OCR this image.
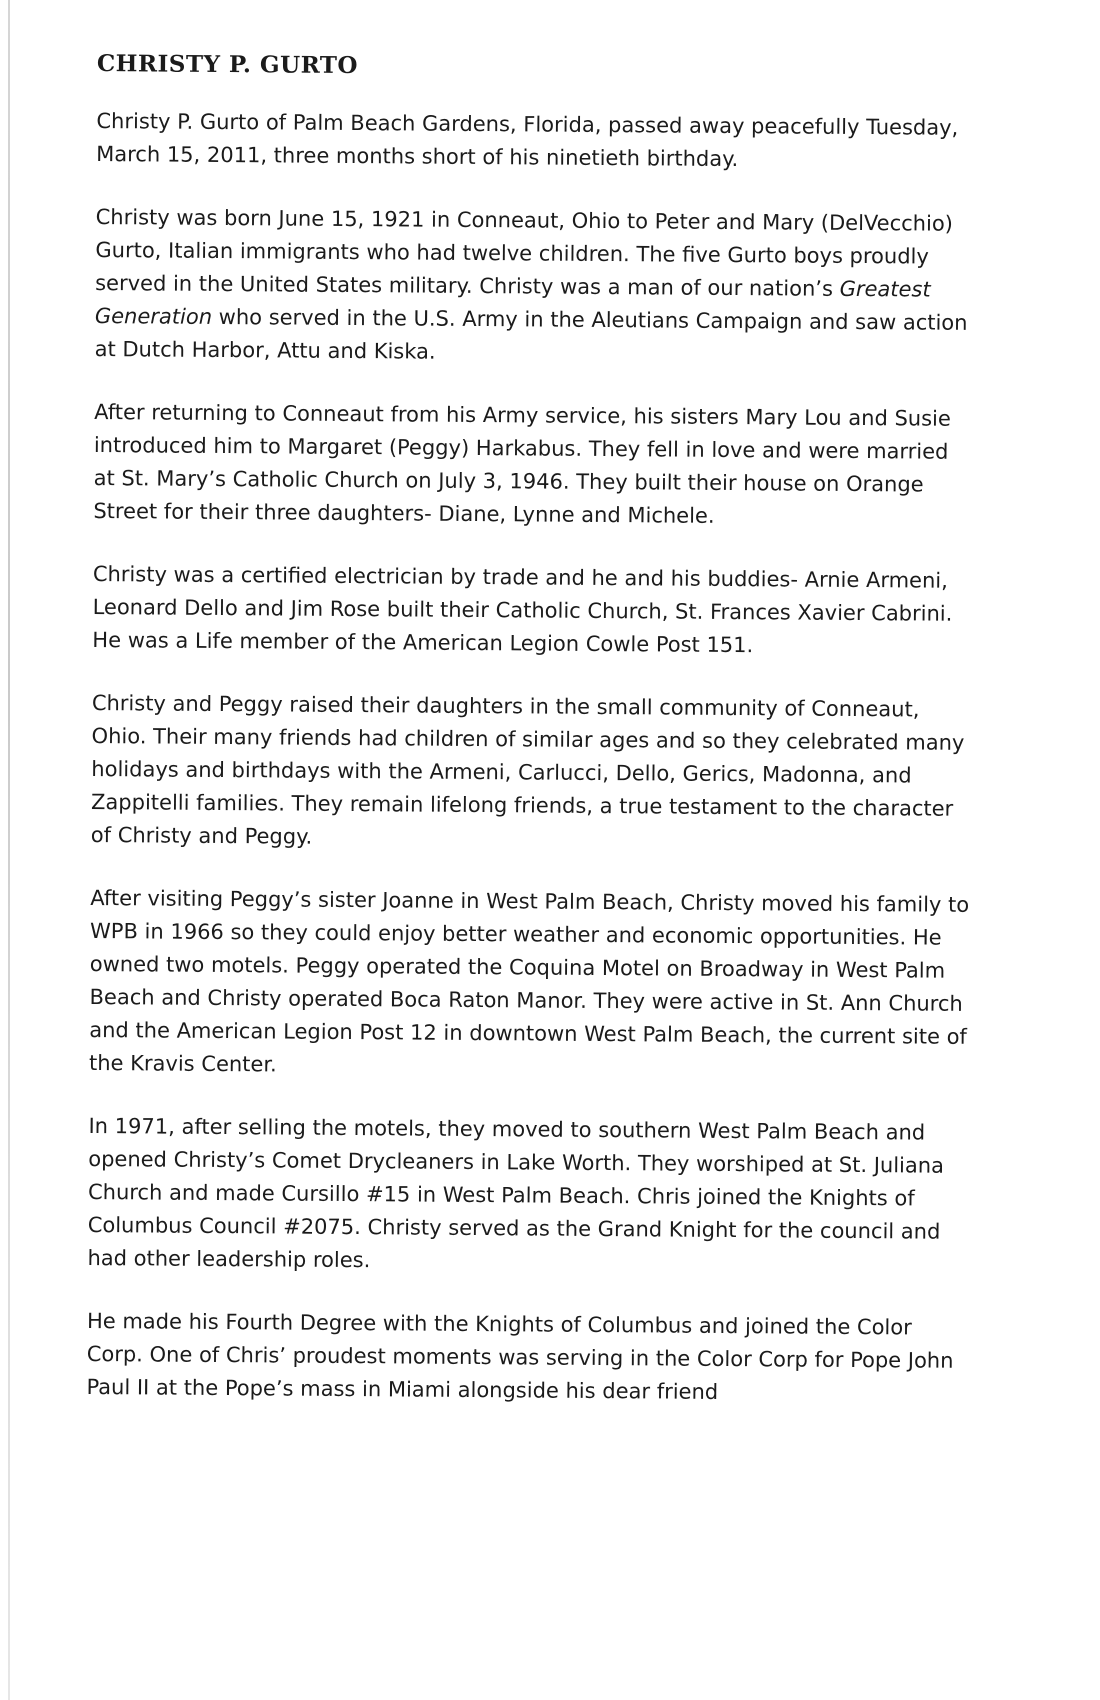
CHRISTY P. GURTO

Christy P. Gurto of Palm Beach Gardens, Florida, passed away peacefully Tuesday, March 15, 2011, three months short of his ninetieth birthday.

Christy was born June 15, 1921 in Conneaut, Ohio to Peter and Mary (DelVecchio) Gurto, Italian immigrants who had twelve children. The five Gurto boys proudly served in the United States military. Christy was a man of our nation’s Greatest Generation who served in the U.S. Army in the Aleutians Campaign and saw action at Dutch Harbor, Attu and Kiska.

After returning to Conneaut from his Army service, his sisters Mary Lou and Susie introduced him to Margaret (Peggy) Harkabus. They fell in love and were married at St. Mary’s Catholic Church on July 3, 1946. They built their house on Orange Street for their three daughters- Diane, Lynne and Michele.

Christy was a certified electrician by trade and he and his buddies- Arnie Armeni, Leonard Dello and Jim Rose built their Catholic Church, St. Frances Xavier Cabrini. He was a Life member of the American Legion Cowle Post 151.

Christy and Peggy raised their daughters in the small community of Conneaut, Ohio. Their many friends had children of similar ages and so they celebrated many holidays and birthdays with the Armeni, Carlucci, Dello, Gerics, Madonna, and Zappitelli families. They remain lifelong friends, a true testament to the character of Christy and Peggy.

After visiting Peggy’s sister Joanne in West Palm Beach, Christy moved his family to WPB in 1966 so they could enjoy better weather and economic opportunities. He owned two motels. Peggy operated the Coquina Motel on Broadway in West Palm Beach and Christy operated Boca Raton Manor. They were active in St. Ann Church and the American Legion Post 12 in downtown West Palm Beach, the current site of the Kravis Center.

In 1971, after selling the motels, they moved to southern West Palm Beach and opened Christy’s Comet Drycleaners in Lake Worth. They worshiped at St. Juliana Church and made Cursillo #15 in West Palm Beach. Chris joined the Knights of Columbus Council #2075. Christy served as the Grand Knight for the council and had other leadership roles.

He made his Fourth Degree with the Knights of Columbus and joined the Color Corp. One of Chris’ proudest moments was serving in the Color Corp for Pope John Paul II at the Pope’s mass in Miami alongside his dear friend
